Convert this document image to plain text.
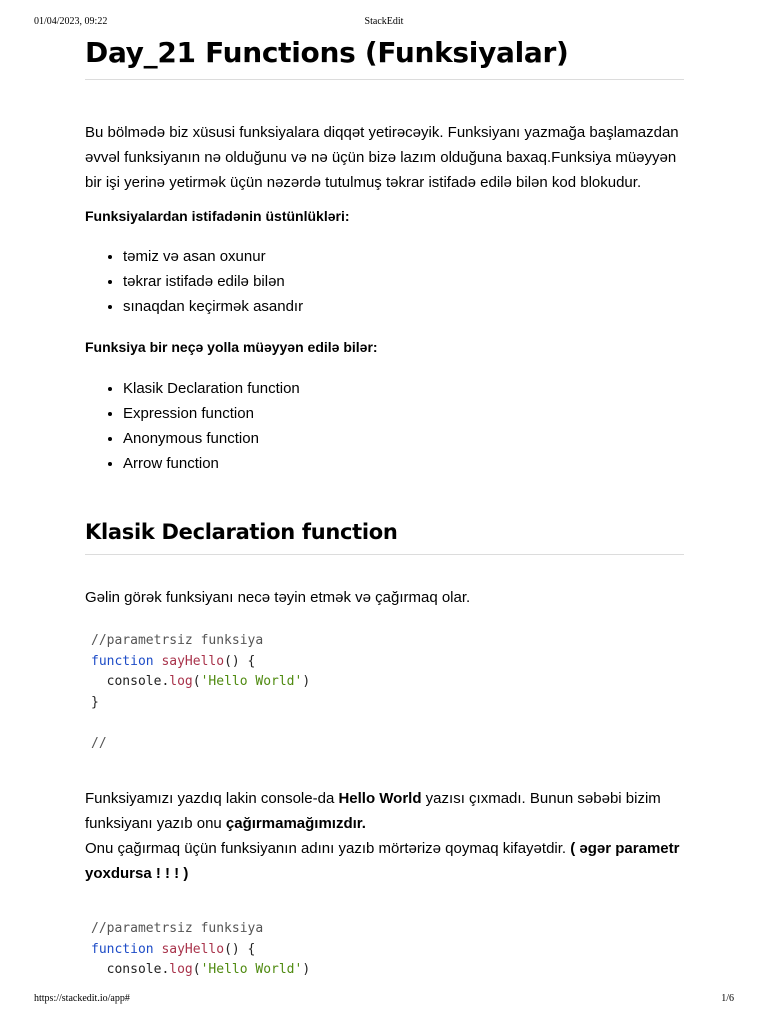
01/04/2023, 09:22	StackEdit
Day_21 Functions (Funksiyalar)

Bu bölmədə biz xüsusi funksiyalara diqqət yetirəcəyik. Funksiyanı yazmağa başlamazdan əvvəl funksiyanın nə olduğunu və nə üçün bizə lazım olduğuna baxaq.Funksiya müəyyən bir işi yerinə yetirmək üçün nəzərdə tutulmuş təkrar istifadə edilə bilən kod blokudur.

Funksiyalardan istifadənin üstünlükləri:

• təmiz və asan oxunur
• təkrar istifadə edilə bilən
• sınaqdan keçirmək asandır

Funksiya bir neçə yolla müəyyən edilə bilər:

• Klasik Declaration function
• Expression function
• Anonymous function
• Arrow function
Klasik Declaration function

Gəlin görək funksiyanı necə təyin etmək və çağırmaq olar.

//parametrsiz funksiya
function sayHello() {
console.log('Hello World')
}

//

Funksiyamızı yazdıq lakin console-da Hello World yazısı çıxmadı. Bunun səbəbi bizim funksiyanı yazıb onu çağırmamağımızdır.
Onu çağırmaq üçün funksiyanın adını yazıb mörtərizə qoymaq kifayətdir. ( əgər parametr yoxdursa ! ! ! )

//parametrsiz funksiya
function sayHello() {
console.log('Hello World')
https://stackedit.io/app#	1/6
